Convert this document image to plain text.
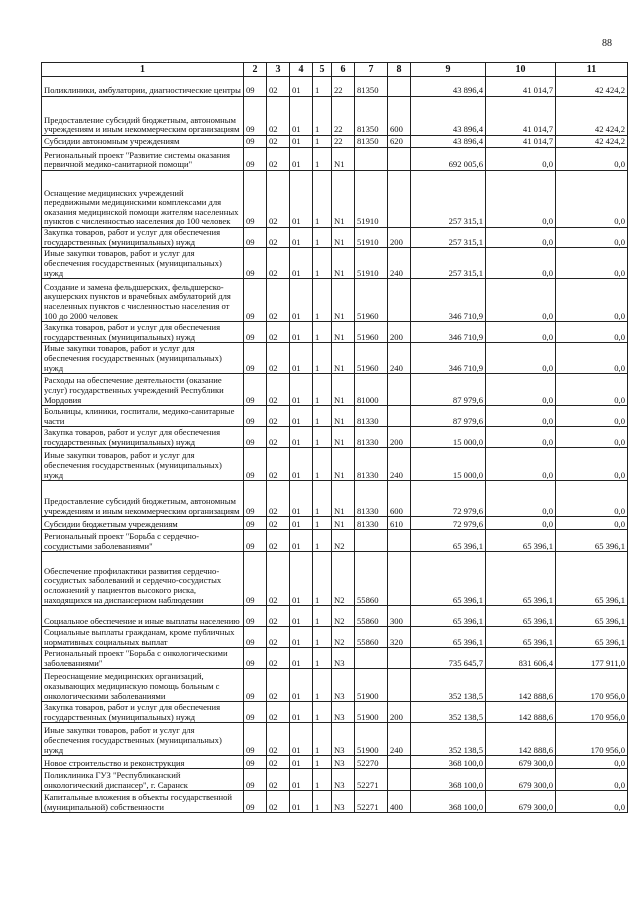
88
1	2	3	4	5	6	7	8	9	10	11
Поликлиники, амбулатории, диагностические центры	09	02	01	1	22	81350		43 896,4	41 014,7	42 424,2
Предоставление субсидий бюджетным, автономным учреждениям и иным некоммерческим организациям	09	02	01	1	22	81350	600	43 896,4	41 014,7	42 424,2
Субсидии автономным учреждениям	09	02	01	1	22	81350	620	43 896,4	41 014,7	42 424,2
Региональный проект "Развитие системы оказания первичной медико-санитарной помощи"	09	02	01	1	N1			692 005,6	0,0	0,0
Оснащение медицинских учреждений передвижными медицинскими комплексами для оказания медицинской помощи жителям населенных пунктов с численностью населения до 100 человек	09	02	01	1	N1	51910		257 315,1	0,0	0,0
Закупка товаров, работ и услуг для обеспечения государственных (муниципальных) нужд	09	02	01	1	N1	51910	200	257 315,1	0,0	0,0
Иные закупки товаров, работ и услуг для обеспечения государственных (муниципальных) нужд	09	02	01	1	N1	51910	240	257 315,1	0,0	0,0
Создание и замена фельдшерских, фельдшерско-акушерских пунктов и врачебных амбулаторий для населенных пунктов с численностью населения от 100 до 2000 человек	09	02	01	1	N1	51960		346 710,9	0,0	0,0
Закупка товаров, работ и услуг для обеспечения государственных (муниципальных) нужд	09	02	01	1	N1	51960	200	346 710,9	0,0	0,0
Иные закупки товаров, работ и услуг для обеспечения государственных (муниципальных) нужд	09	02	01	1	N1	51960	240	346 710,9	0,0	0,0
Расходы на обеспечение деятельности (оказание услуг) государственных учреждений Республики Мордовия	09	02	01	1	N1	81000		87 979,6	0,0	0,0
Больницы, клиники, госпитали, медико-санитарные части	09	02	01	1	N1	81330		87 979,6	0,0	0,0
Закупка товаров, работ и услуг для обеспечения государственных (муниципальных) нужд	09	02	01	1	N1	81330	200	15 000,0	0,0	0,0
Иные закупки товаров, работ и услуг для обеспечения государственных (муниципальных) нужд	09	02	01	1	N1	81330	240	15 000,0	0,0	0,0
Предоставление субсидий бюджетным, автономным учреждениям и иным некоммерческим организациям	09	02	01	1	N1	81330	600	72 979,6	0,0	0,0
Субсидии бюджетным учреждениям	09	02	01	1	N1	81330	610	72 979,6	0,0	0,0
Региональный проект "Борьба с сердечно-сосудистыми заболеваниями"	09	02	01	1	N2			65 396,1	65 396,1	65 396,1
Обеспечение профилактики развития сердечно-сосудистых заболеваний и сердечно-сосудистых осложнений у пациентов высокого риска, находящихся на диспансерном наблюдении	09	02	01	1	N2	55860		65 396,1	65 396,1	65 396,1
Социальное обеспечение и иные выплаты населению	09	02	01	1	N2	55860	300	65 396,1	65 396,1	65 396,1
Социальные выплаты гражданам, кроме публичных нормативных социальных выплат	09	02	01	1	N2	55860	320	65 396,1	65 396,1	65 396,1
Региональный проект "Борьба с онкологическими заболеваниями"	09	02	01	1	N3			735 645,7	831 606,4	177 911,0
Переоснащение медицинских организаций, оказывающих медицинскую помощь больным с онкологическими заболеваниями	09	02	01	1	N3	51900		352 138,5	142 888,6	170 956,0
Закупка товаров, работ и услуг для обеспечения государственных (муниципальных) нужд	09	02	01	1	N3	51900	200	352 138,5	142 888,6	170 956,0
Иные закупки товаров, работ и услуг для обеспечения государственных (муниципальных) нужд	09	02	01	1	N3	51900	240	352 138,5	142 888,6	170 956,0
Новое строительство и реконструкция	09	02	01	1	N3	52270		368 100,0	679 300,0	0,0
Поликлиника ГУЗ "Республиканский онкологический диспансер", г. Саранск	09	02	01	1	N3	52271		368 100,0	679 300,0	0,0
Капитальные вложения в объекты государственной (муниципальной) собственности	09	02	01	1	N3	52271	400	368 100,0	679 300,0	0,0
